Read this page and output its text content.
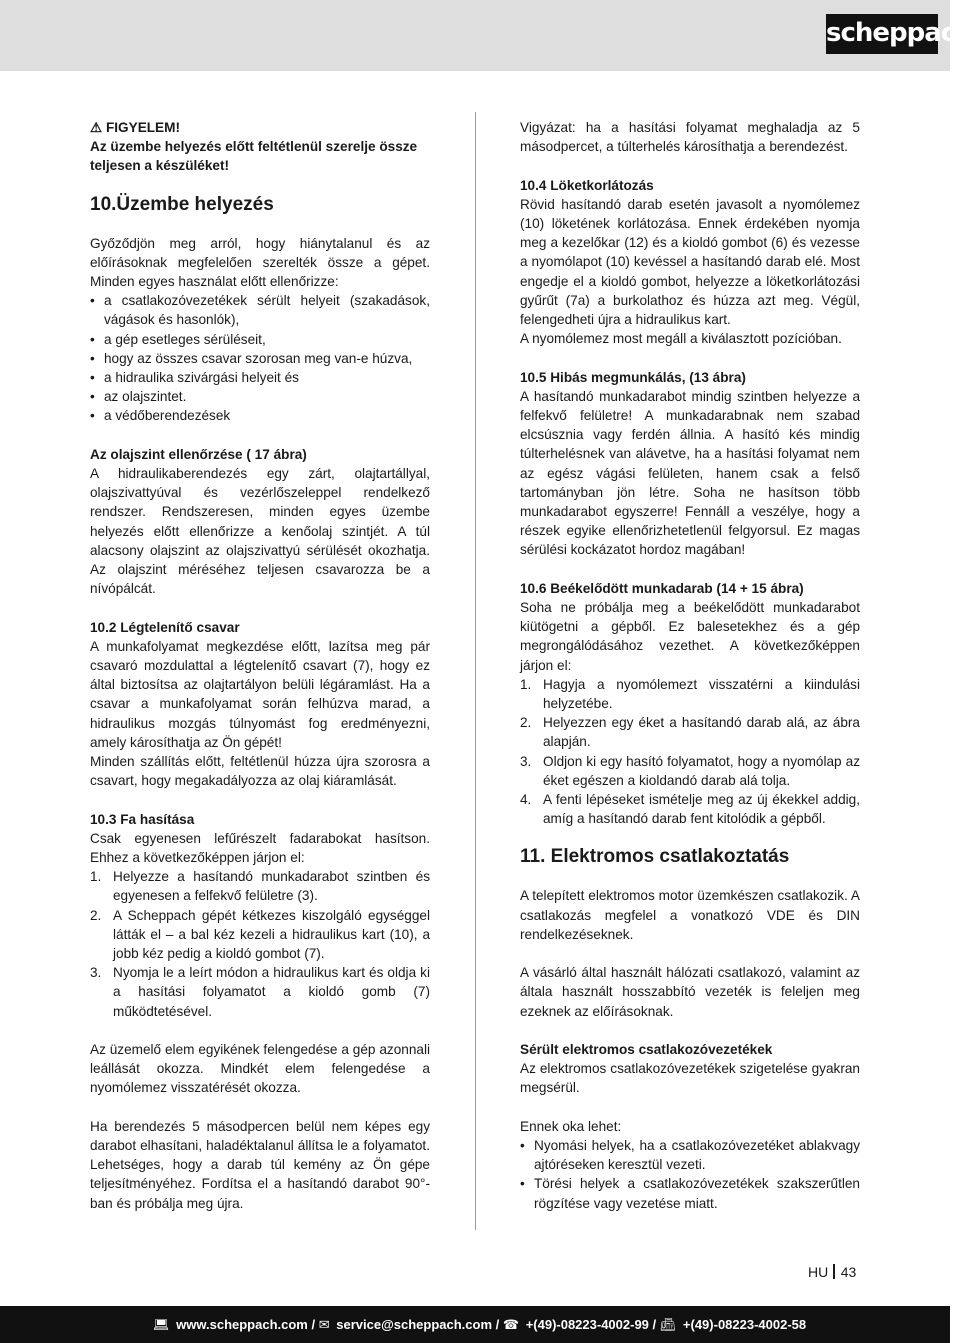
scheppach

⚠ FIGYELEM!

Az üzembe helyezés előtt feltétlenül szerelje össze teljesen a készüléket!

10.Üzembe helyezés

Győződjön meg arról, hogy hiánytalanul és az előírásoknak megfelelően szerelték össze a gépet. Minden egyes használat előtt ellenőrizze:

• a csatlakozóvezetékek sérült helyeit (szakadások, vágások és hasonlók),
• a gép esetleges sérüléseit,
• hogy az összes csavar szorosan meg van-e húzva,
• a hidraulika szivárgási helyeit és
• az olajszintet.
• a védőberendezések

Az olajszint ellenőrzése ( 17 ábra)

A hidraulikaberendezés egy zárt, olajtartállyal, olajszivattyúval és vezérlőszeleppel rendelkező rendszer. Rendszeresen, minden egyes üzembe helyezés előtt ellenőrizze a kenőolaj szintjét. A túl alacsony olajszint az olajszivattyú sérülését okozhatja. Az olajszint méréséhez teljesen csavarozza be a nívópálcát.

10.2 Légtelenítő csavar

A munkafolyamat megkezdése előtt, lazítsa meg pár csavaró mozdulattal a légtelenítő csavart (7), hogy ez által biztosítsa az olajtartályon belüli légáramlást. Ha a csavar a munkafolyamat során felhúzva marad, a hidraulikus mozgás túlnyomást fog eredményezni, amely károsíthatja az Ön gépét!

Minden szállítás előtt, feltétlenül húzza újra szorosra a csavart, hogy megakadályozza az olaj kiáramlását.

10.3 Fa hasítása

Csak egyenesen lefűrészelt fadarabokat hasítson. Ehhez a következőképpen járjon el:

1. Helyezze a hasítandó munkadarabot szintben és egyenesen a felfekvő felületre (3).
2. A Scheppach gépét kétkezes kiszolgáló egységgel látták el – a bal kéz kezeli a hidraulikus kart (10), a jobb kéz pedig a kioldó gombot (7).
3. Nyomja le a leírt módon a hidraulikus kart és oldja ki a hasítási folyamatot a kioldó gomb (7) működtetésével.

Az üzemelő elem egyikének felengedése a gép azonnali leállását okozza. Mindkét elem felengedése a nyomólemez visszatérését okozza.

Ha berendezés 5 másodpercen belül nem képes egy darabot elhasítani, haladéktalanul állítsa le a folyamatot. Lehetséges, hogy a darab túl kemény az Ön gépe teljesítményéhez. Fordítsa el a hasítandó darabot 90°-ban és próbálja meg újra.

Vigyázat: ha a hasítási folyamat meghaladja az 5 másodpercet, a túlterhelés károsíthatja a berendezést.

10.4 Löketkorlátozás

Rövid hasítandó darab esetén javasolt a nyomólemez (10) löketének korlátozása. Ennek érdekében nyomja meg a kezelőkar (12) és a kioldó gombot (6) és vezesse a nyomólapot (10) kevéssel a hasítandó darab elé. Most engedje el a kioldó gombot, helyezze a löketkorlátozási gyűrűt (7a) a burkolathoz és húzza azt meg. Végül, felengedheti újra a hidraulikus kart.

A nyomólemez most megáll a kiválasztott pozícióban.

10.5 Hibás megmunkálás, (13 ábra)

A hasítandó munkadarabot mindig szintben helyezze a felfekvő felületre! A munkadarabnak nem szabad elcsúsznia vagy ferdén állnia. A hasító kés mindig túlterhelésnek van alávetve, ha a hasítási folyamat nem az egész vágási felületen, hanem csak a felső tartományban jön létre. Soha ne hasítson több munkadarabot egyszerre! Fennáll a veszélye, hogy a részek egyike ellenőrizhetetlenül felgyorsul. Ez magas sérülési kockázatot hordoz magában!

10.6 Beékelődött munkadarab (14 + 15 ábra)

Soha ne próbálja meg a beékelődött munkadarabot kiütögetni a gépből. Ez balesetekhez és a gép megrongálódásához vezethet. A következőképpen járjon el:

1. Hagyja a nyomólemezt visszatérni a kiindulási helyzetébe.
2. Helyezzen egy éket a hasítandó darab alá, az ábra alapján.
3. Oldjon ki egy hasító folyamatot, hogy a nyomólap az éket egészen a kioldandó darab alá tolja.
4. A fenti lépéseket ismételje meg az új ékekkel addig, amíg a hasítandó darab fent kitolódik a gépből.

11. Elektromos csatlakoztatás

A telepített elektromos motor üzemkészen csatlakozik. A csatlakozás megfelel a vonatkozó VDE és DIN rendelkezéseknek.

A vásárló által használt hálózati csatlakozó, valamint az általa használt hosszabbító vezeték is feleljen meg ezeknek az előírásoknak.

Sérült elektromos csatlakozóvezetékek

Az elektromos csatlakozóvezetékek szigetelése gyakran megsérül.

Ennek oka lehet:

• Nyomási helyek, ha a csatlakozóvezetéket ablakvagy ajtóréseken keresztül vezeti.
• Törési helyek a csatlakozóvezetékek szakszerűtlen rögzítése vagy vezetése miatt.
HU 43
💻︎ www.scheppach.com / ✉︎ service@scheppach.com / ☎︎ +(49)-08223-4002-99 / 📠︎ +(49)-08223-4002-58
